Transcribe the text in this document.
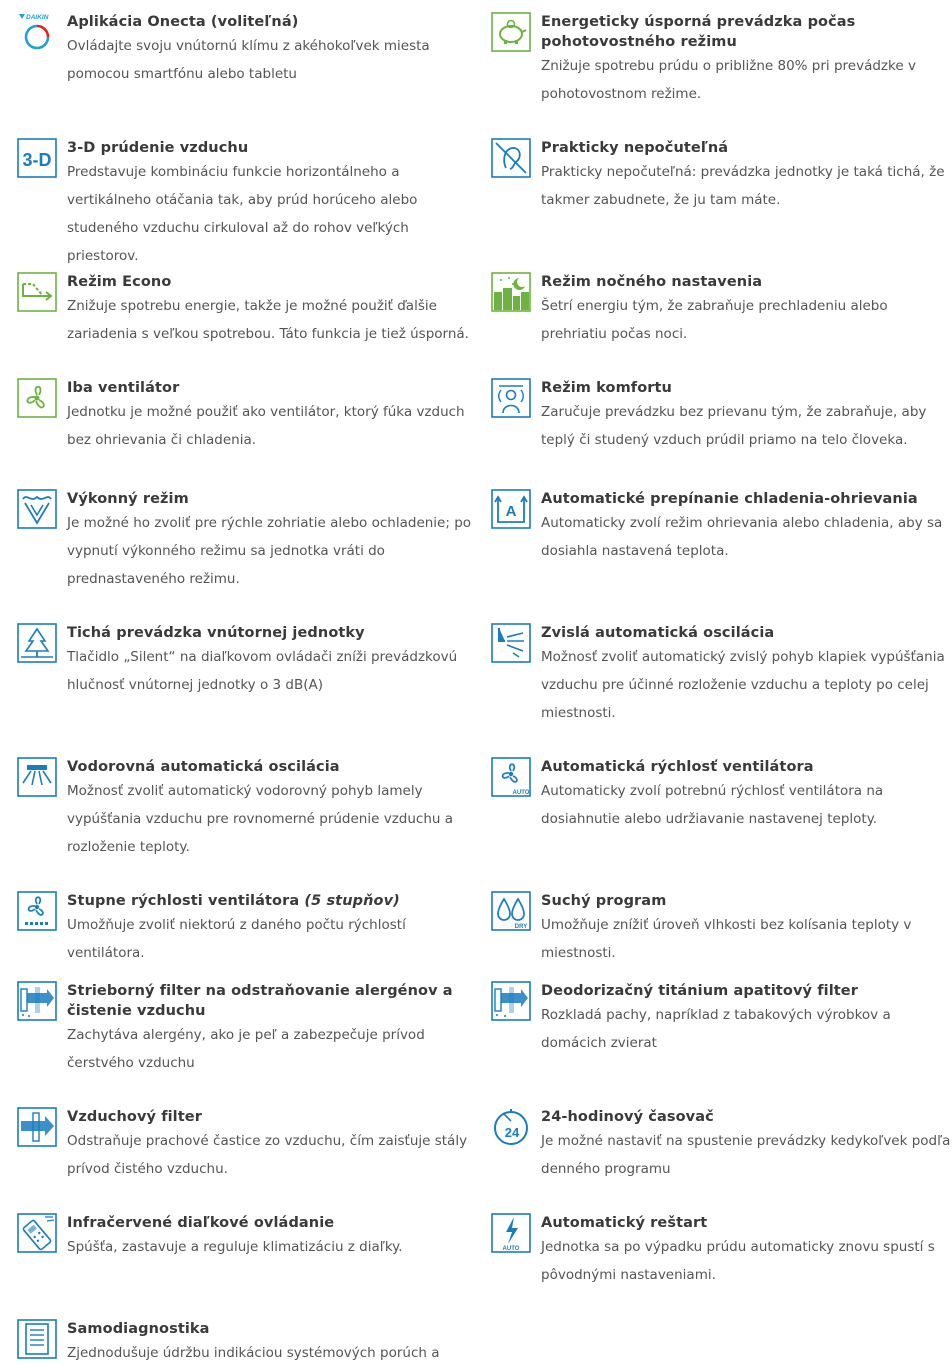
DAIKIN Aplikácia Onecta (voliteľná)
Ovládajte svoju vnútornú klímu z akéhokoľvek miesta pomocou smartfónu alebo tabletu
Energeticky úsporná prevádzka počas pohotovostného režimu
Znižuje spotrebu prúdu o približne 80% pri prevádzke v pohotovostnom režime.
3-D
3-D prúdenie vzduchu
Predstavuje kombináciu funkcie horizontálneho a vertikálneho otáčania tak, aby prúd horúceho alebo studeného vzduchu cirkuloval až do rohov veľkých priestorov.
Prakticky nepočuteľná
Prakticky nepočuteľná: prevádzka jednotky je taká tichá, že takmer zabudnete, že ju tam máte.
Režim Econo
Znižuje spotrebu energie, takže je možné použiť ďalšie zariadenia s veľkou spotrebou. Táto funkcia je tiež úsporná.
Režim nočného nastavenia
Šetrí energiu tým, že zabraňuje prechladeniu alebo prehriatiu počas noci.
Iba ventilátor
Jednotku je možné použiť ako ventilátor, ktorý fúka vzduch bez ohrievania či chladenia.
Režim komfortu
Zaručuje prevádzku bez prievanu tým, že zabraňuje, aby teplý či studený vzduch prúdil priamo na telo človeka.
Výkonný režim
Je možné ho zvoliť pre rýchle zohriatie alebo ochladenie; po vypnutí výkonného režimu sa jednotka vráti do prednastaveného režimu.
A
Automatické prepínanie chladenia-ohrievania
Automaticky zvolí režim ohrievania alebo chladenia, aby sa dosiahla nastavená teplota.
Tichá prevádzka vnútornej jednotky
Tlačidlo „Silent“ na diaľkovom ovládači zníži prevádzkovú hlučnosť vnútornej jednotky o 3 dB(A)
Zvislá automatická oscilácia
Možnosť zvoliť automatický zvislý pohyb klapiek vypúšťania vzduchu pre účinné rozloženie vzduchu a teploty po celej miestnosti.
Vodorovná automatická oscilácia
Možnosť zvoliť automatický vodorovný pohyb lamely vypúšťania vzduchu pre rovnomerné prúdenie vzduchu a rozloženie teploty.
AUTO
Automatická rýchlosť ventilátora
Automaticky zvolí potrebnú rýchlosť ventilátora na dosiahnutie alebo udržiavanie nastavenej teploty.
Stupne rýchlosti ventilátora (5 stupňov)
Umožňuje zvoliť niektorú z daného počtu rýchlostí ventilátora.
DRY
Suchý program
Umožňuje znížiť úroveň vlhkosti bez kolísania teploty v miestnosti.
Strieborný filter na odstraňovanie alergénov a čistenie vzduchu
Zachytáva alergény, ako je peľ a zabezpečuje prívod čerstvého vzduchu
Deodorizačný titánium apatitový filter
Rozkladá pachy, napríklad z tabakových výrobkov a domácich zvierat
Vzduchový filter
Odstraňuje prachové častice zo vzduchu, čím zaisťuje stály prívod čistého vzduchu.
24
24-hodinový časovač
Je možné nastaviť na spustenie prevádzky kedykoľvek podľa denného programu
Infračervené diaľkové ovládanie
Spúšťa, zastavuje a reguluje klimatizáciu z diaľky.	AUTO
Automatický reštart
Jednotka sa po výpadku prúdu automaticky znovu spustí s pôvodnými nastaveniami.
Samodiagnostika
Zjednodušuje údržbu indikáciou systémových porúch a
